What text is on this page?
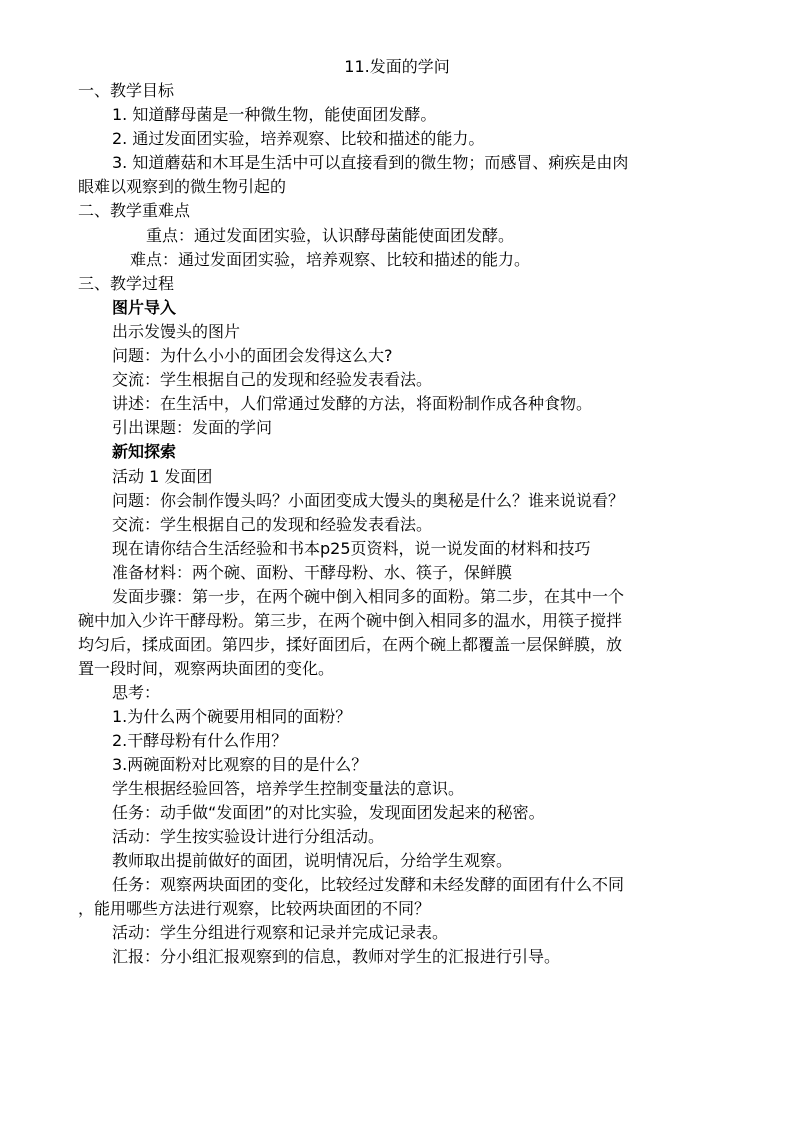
11.发面的学问
一、教学目标
1. 知道酵母菌是一种微生物，能使面团发酵。
2. 通过发面团实验，培养观察、比较和描述的能力。
3. 知道蘑菇和木耳是生活中可以直接看到的微生物；而感冒、痢疾是由肉
眼难以观察到的微生物引起的
二、教学重难点
重点：通过发面团实验，认识酵母菌能使面团发酵。
难点：通过发面团实验，培养观察、比较和描述的能力。
三、教学过程
图片导入
出示发馒头的图片
问题：为什么小小的面团会发得这么大?
交流：学生根据自己的发现和经验发表看法。
讲述：在生活中，人们常通过发酵的方法，将面粉制作成各种食物。
引出课题：发面的学问
新知探索
活动 1 发面团
问题：你会制作馒头吗？小面团变成大馒头的奥秘是什么？谁来说说看？
交流：学生根据自己的发现和经验发表看法。
现在请你结合生活经验和书本p25页资料，说一说发面的材料和技巧
准备材料：两个碗、面粉、干酵母粉、水、筷子，保鲜膜
发面步骤：第一步，在两个碗中倒入相同多的面粉。第二步，在其中一个
碗中加入少许干酵母粉。第三步，在两个碗中倒入相同多的温水，用筷子搅拌
均匀后，揉成面团。第四步，揉好面团后，在两个碗上都覆盖一层保鲜膜，放
置一段时间，观察两块面团的变化。
思考：
1.为什么两个碗要用相同的面粉？
2.干酵母粉有什么作用？
3.两碗面粉对比观察的目的是什么？
学生根据经验回答，培养学生控制变量法的意识。
任务：动手做“发面团”的对比实验，发现面团发起来的秘密。
活动：学生按实验设计进行分组活动。
教师取出提前做好的面团，说明情况后，分给学生观察。
任务：观察两块面团的变化，比较经过发酵和未经发酵的面团有什么不同
，能用哪些方法进行观察，比较两块面团的不同？
活动：学生分组进行观察和记录并完成记录表。
汇报：分小组汇报观察到的信息，教师对学生的汇报进行引导。
